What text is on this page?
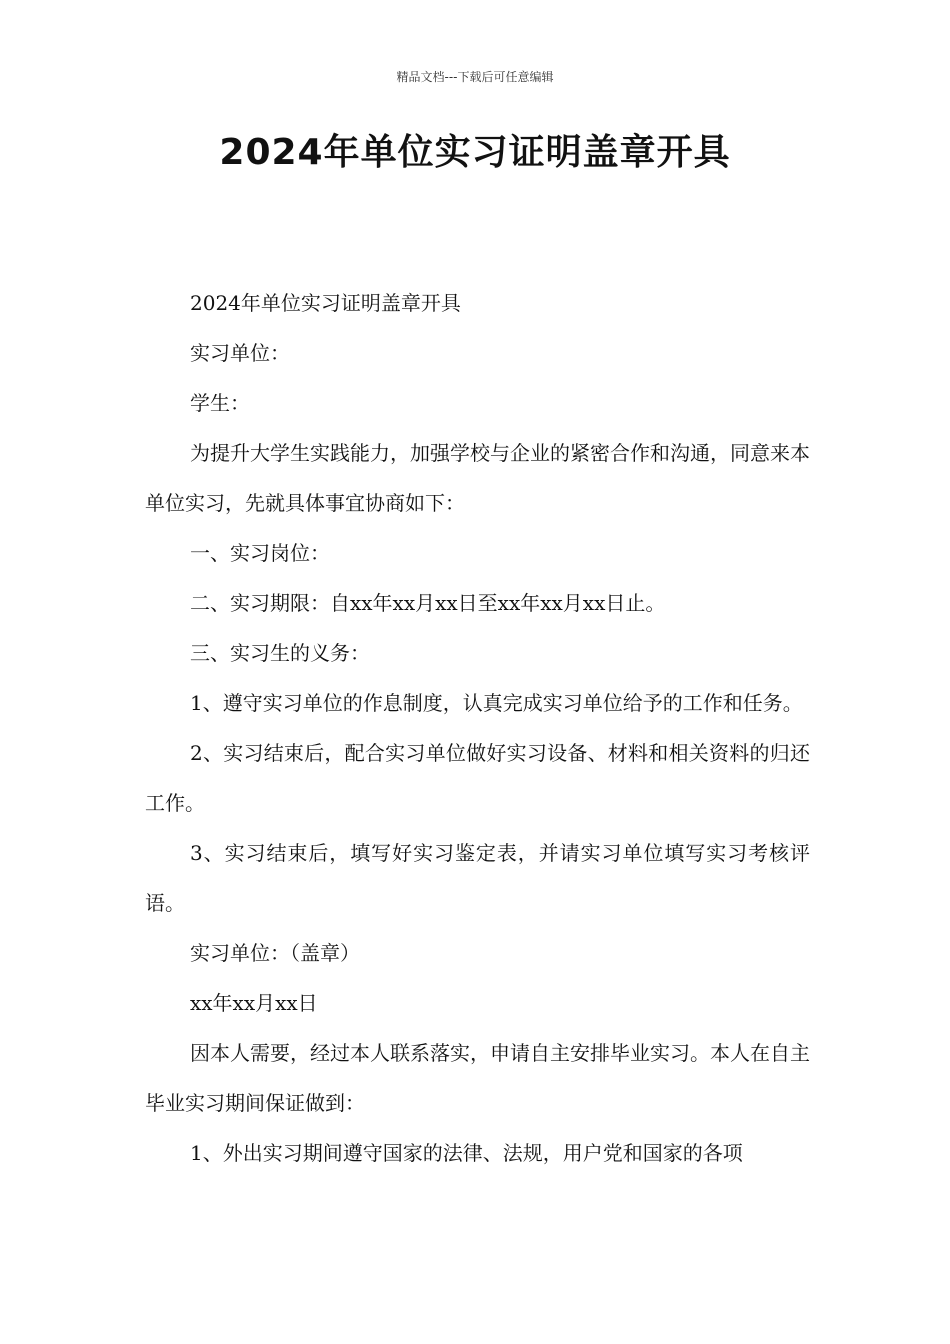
精品文档---下载后可任意编辑
2024年单位实习证明盖章开具

2024年单位实习证明盖章开具

实习单位：

学生：

为提升大学生实践能力，加强学校与企业的紧密合作和沟通，同意来本单位实习，先就具体事宜协商如下：

一、实习岗位：

二、实习期限：自xx年xx月xx日至xx年xx月xx日止。

三、实习生的义务：

1、遵守实习单位的作息制度，认真完成实习单位给予的工作和任务。

2、实习结束后，配合实习单位做好实习设备、材料和相关资料的归还工作。

3、实习结束后，填写好实习鉴定表，并请实习单位填写实习考核评语。

实习单位：（盖章）

xx年xx月xx日

因本人需要，经过本人联系落实，申请自主安排毕业实习。本人在自主毕业实习期间保证做到：

1、外出实习期间遵守国家的法律、法规，用户党和国家的各项
